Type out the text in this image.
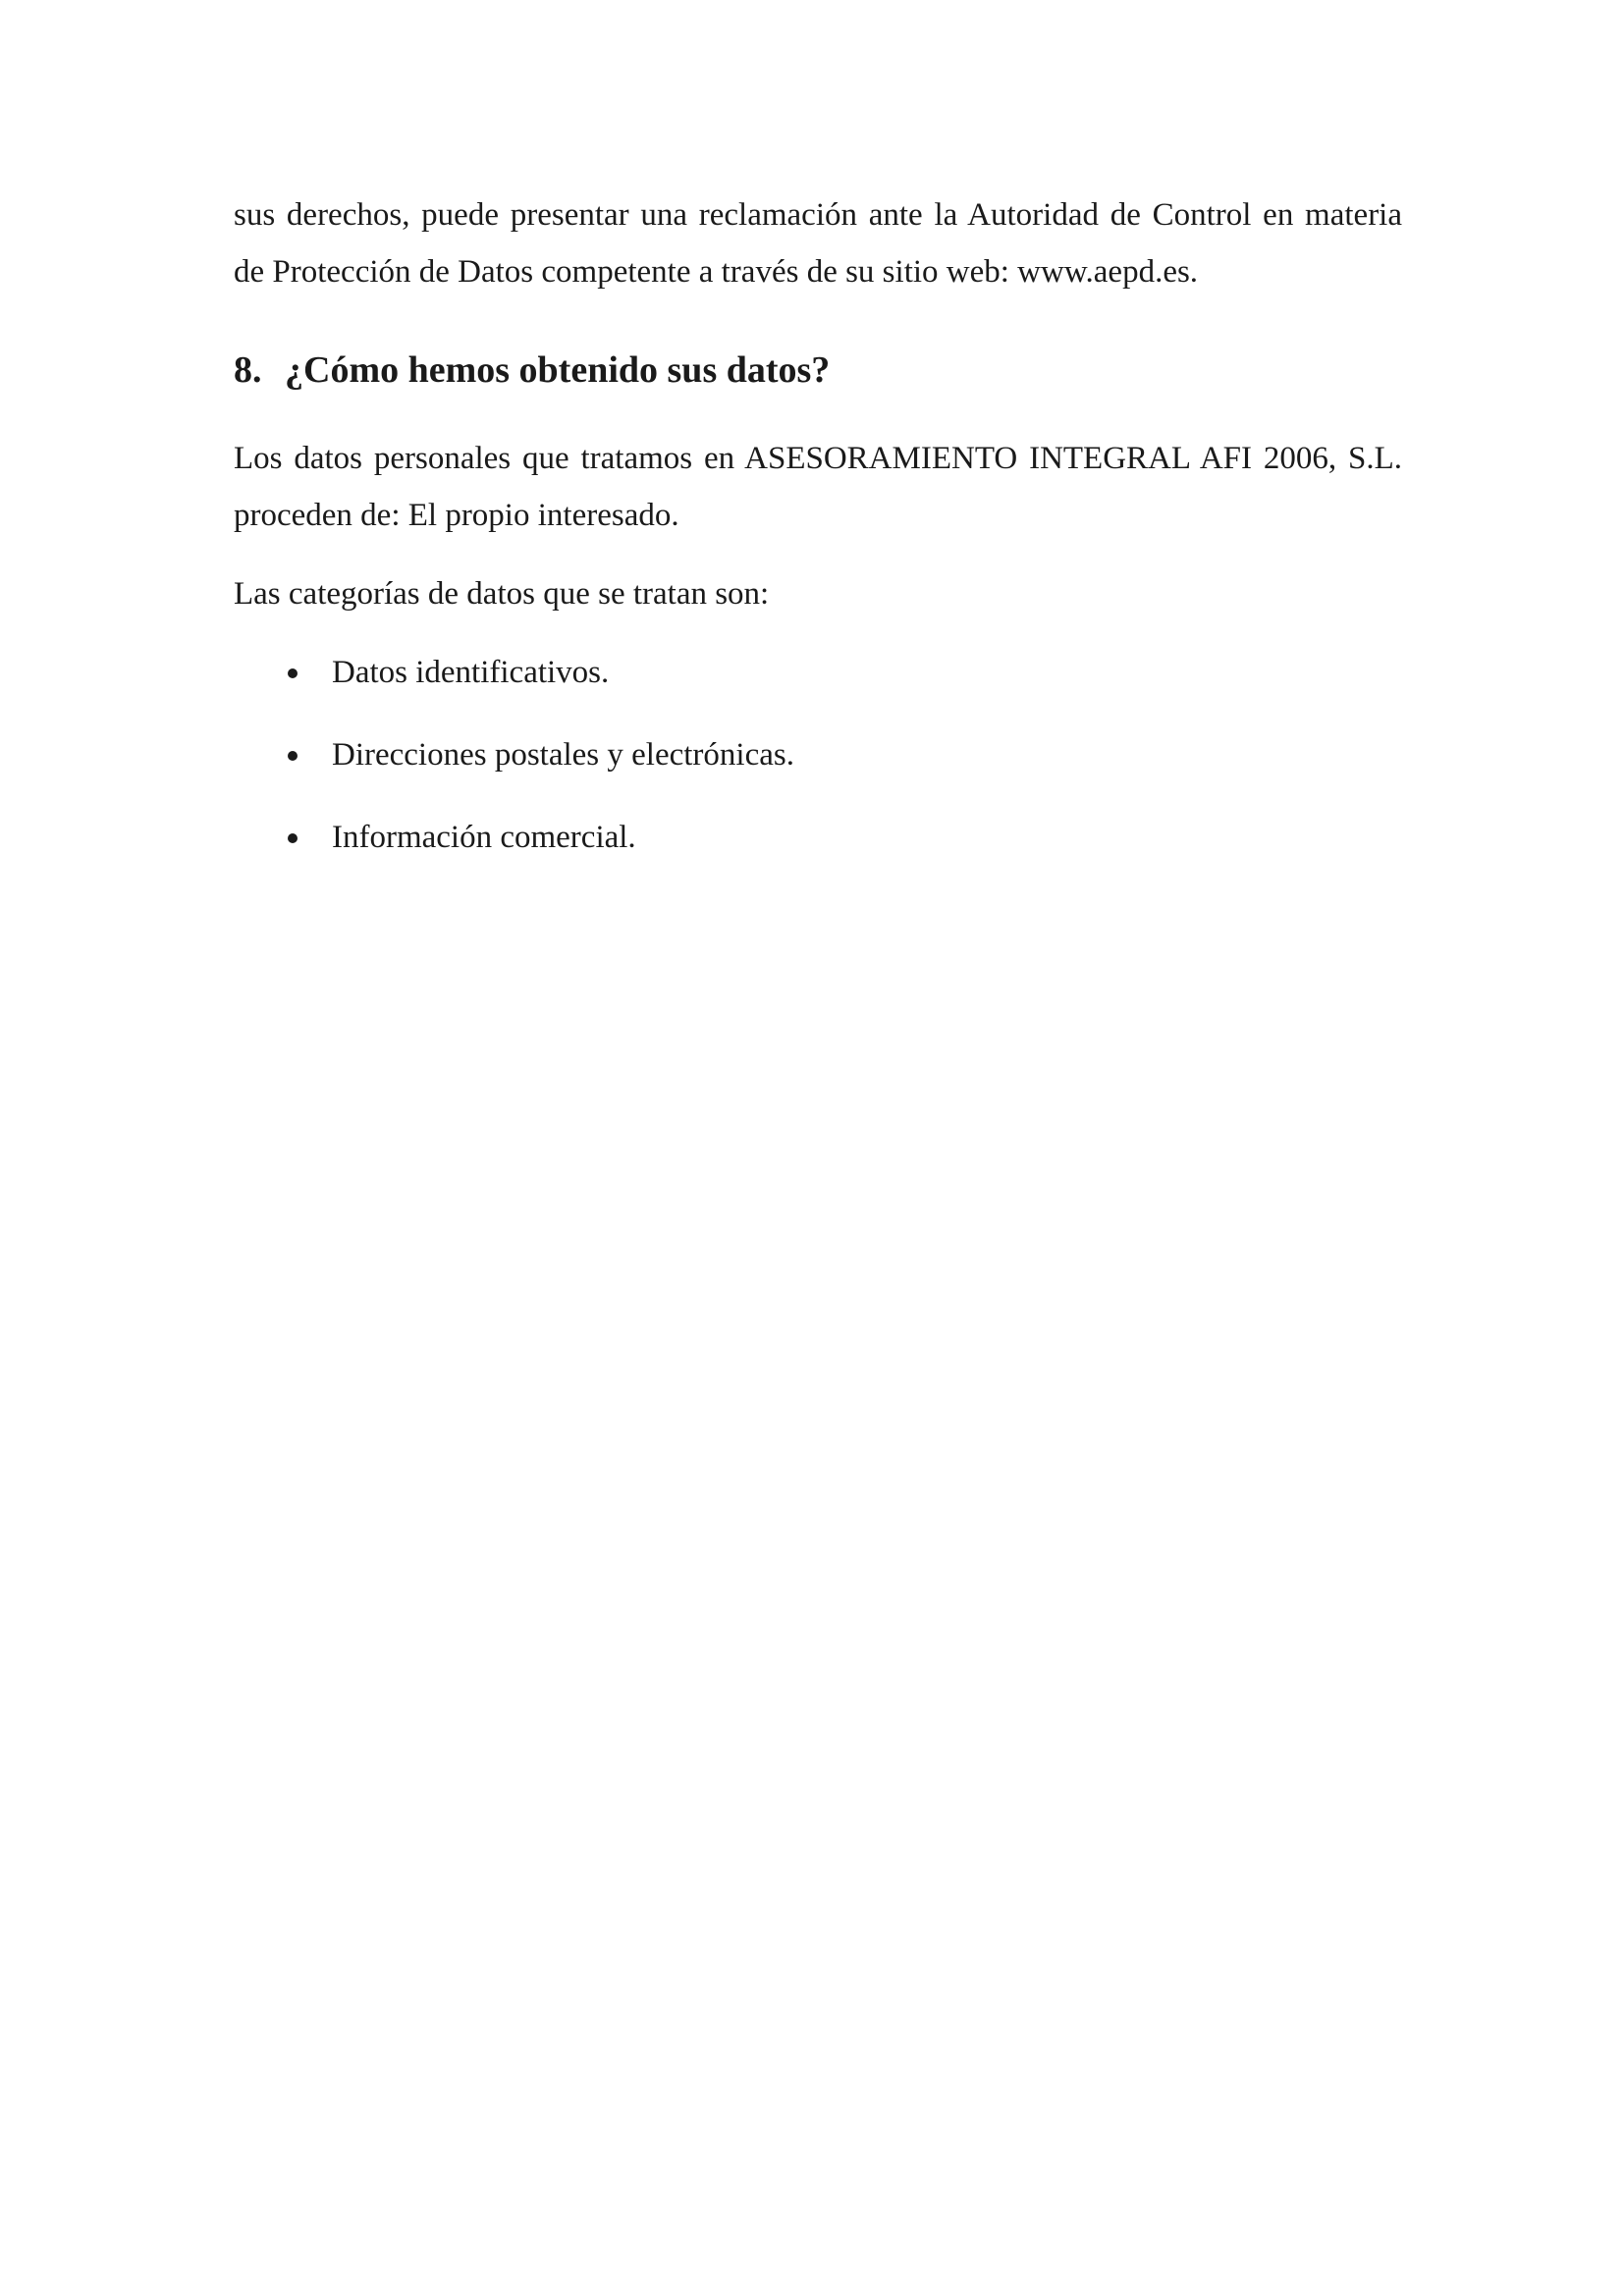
sus derechos, puede presentar una reclamación ante la Autoridad de Control en materia
de Protección de Datos competente a través de su sitio web: www.aepd.es.

8. ¿Cómo hemos obtenido sus datos?

Los datos personales que tratamos en ASESORAMIENTO INTEGRAL AFI 2006, S.L.
proceden de: El propio interesado.

Las categorías de datos que se tratan son:

Datos identificativos.
Direcciones postales y electrónicas.
Información comercial.
